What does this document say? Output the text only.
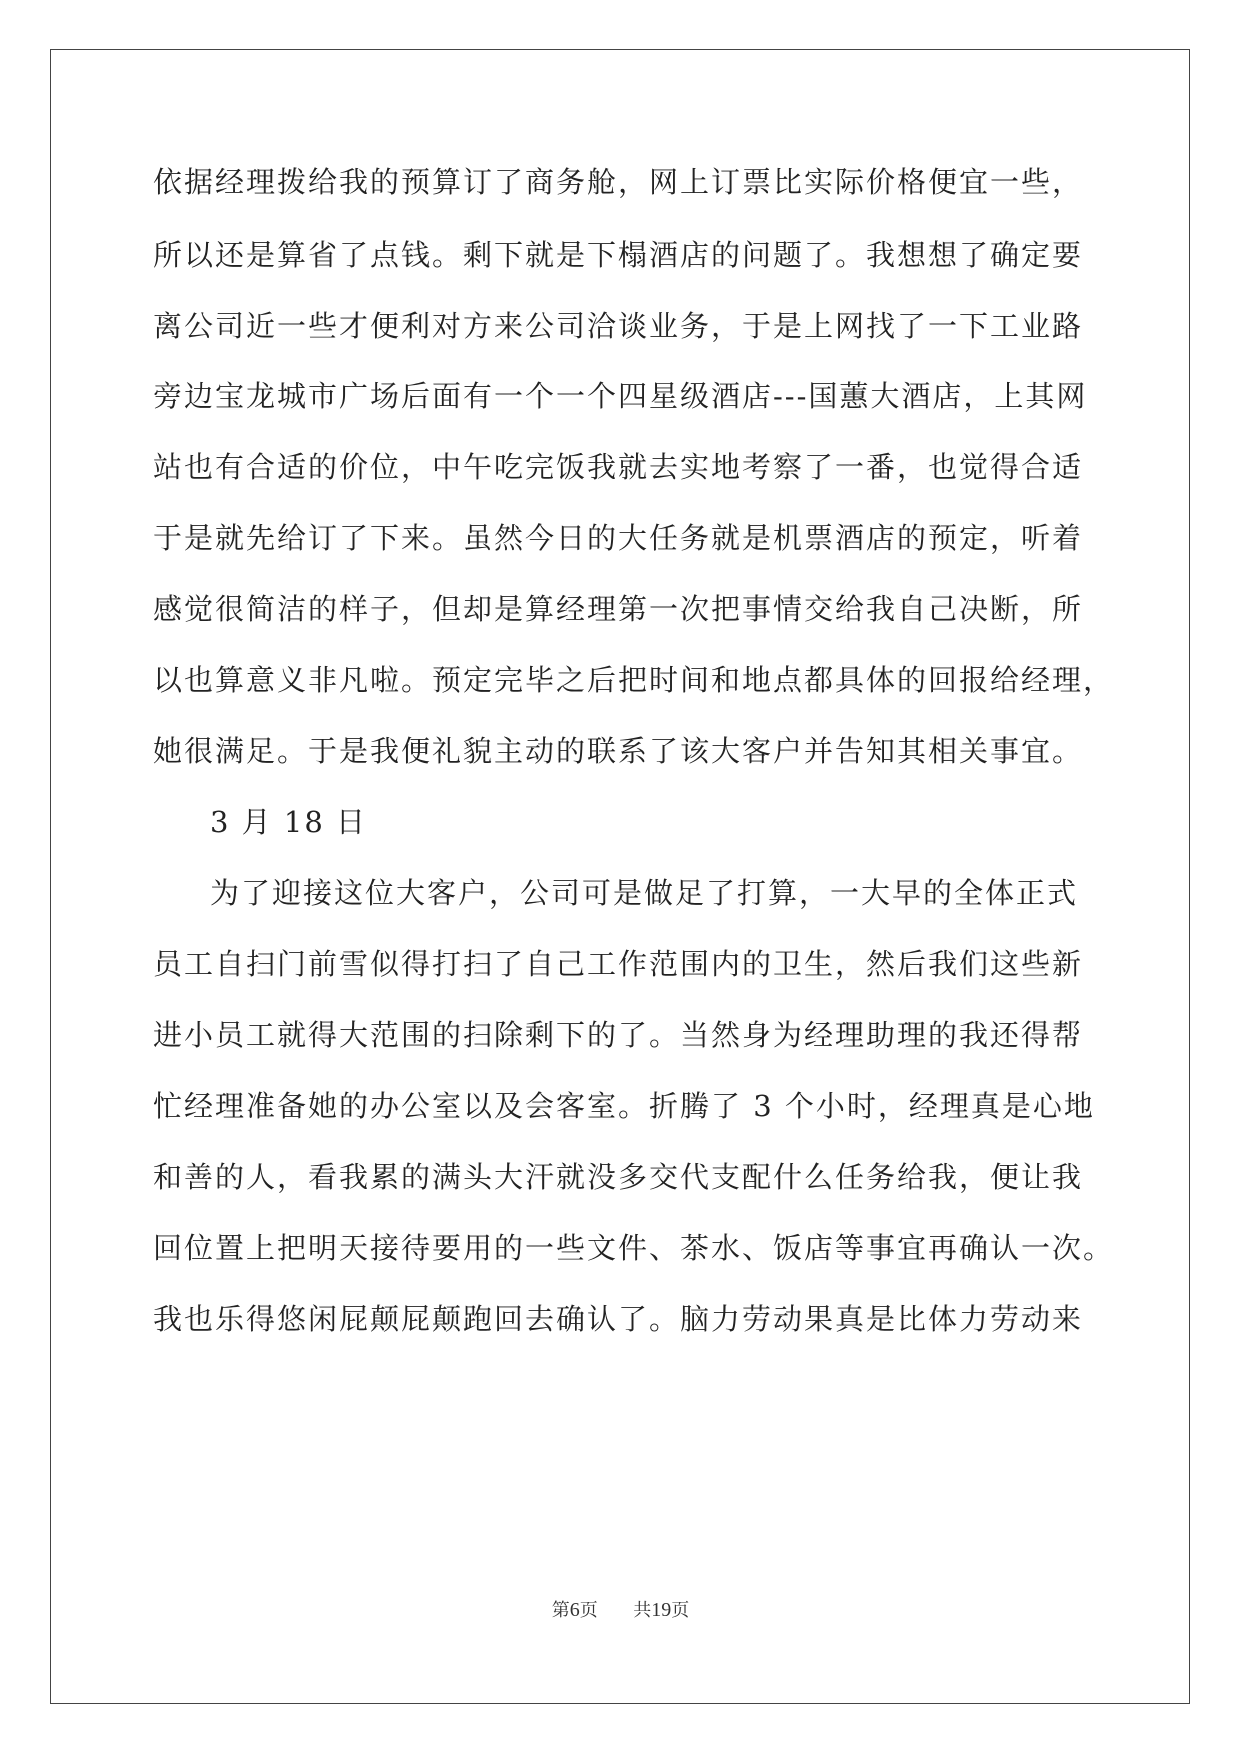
依据经理拨给我的预算订了商务舱，网上订票比实际价格便宜一些，
所以还是算省了点钱。剩下就是下榻酒店的问题了。我想想了确定要
离公司近一些才便利对方来公司洽谈业务，于是上网找了一下工业路
旁边宝龙城市广场后面有一个一个四星级酒店---国蕙大酒店，上其网
站也有合适的价位，中午吃完饭我就去实地考察了一番，也觉得合适
于是就先给订了下来。虽然今日的大任务就是机票酒店的预定，听着
感觉很简洁的样子，但却是算经理第一次把事情交给我自己决断，所
以也算意义非凡啦。预定完毕之后把时间和地点都具体的回报给经理，
她很满足。于是我便礼貌主动的联系了该大客户并告知其相关事宜。
3 月 18 日
为了迎接这位大客户，公司可是做足了打算，一大早的全体正式
员工自扫门前雪似得打扫了自己工作范围内的卫生，然后我们这些新
进小员工就得大范围的扫除剩下的了。当然身为经理助理的我还得帮
忙经理准备她的办公室以及会客室。折腾了 3 个小时，经理真是心地
和善的人，看我累的满头大汗就没多交代支配什么任务给我，便让我
回位置上把明天接待要用的一些文件、茶水、饭店等事宜再确认一次。
我也乐得悠闲屁颠屁颠跑回去确认了。脑力劳动果真是比体力劳动来
第6页 共19页
